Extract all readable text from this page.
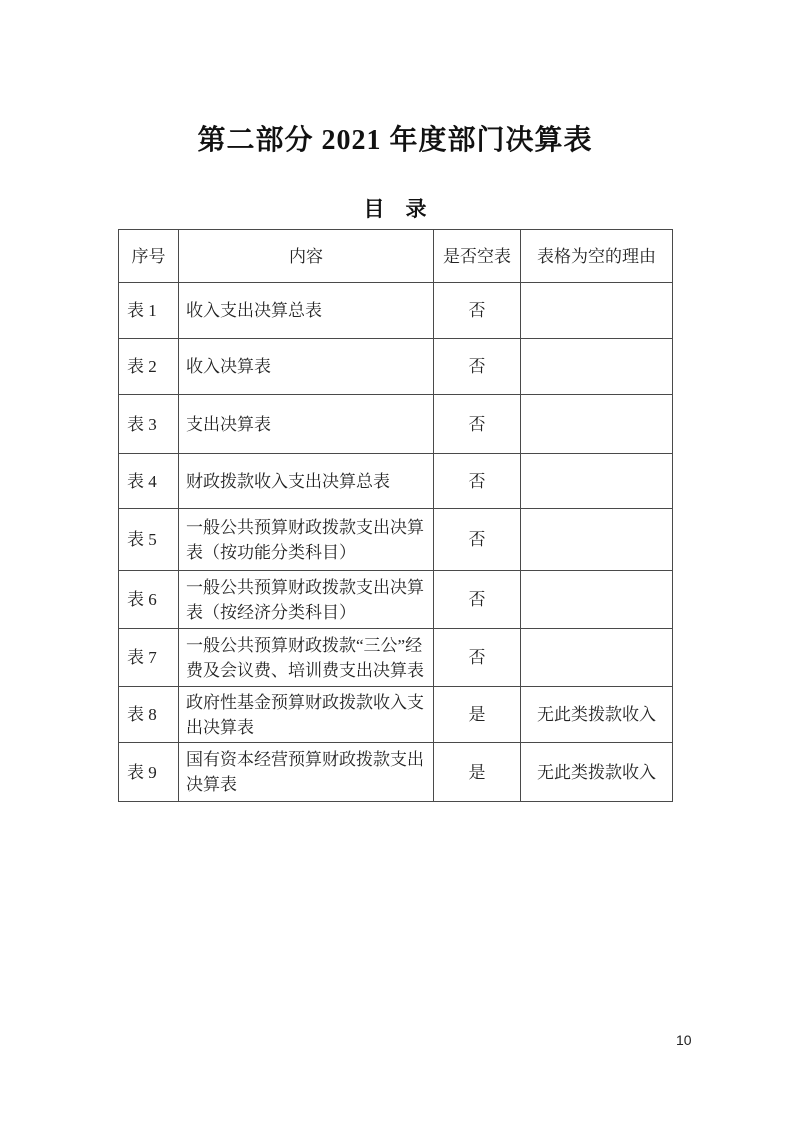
第二部分 2021 年度部门决算表
目　录
序号	内容	是否空表	表格为空的理由
表 1	收入支出决算总表	否	
表 2	收入决算表	否	
表 3	支出决算表	否	
表 4	财政拨款收入支出决算总表	否	
表 5	一般公共预算财政拨款支出决算表（按功能分类科目）	否	
表 6	一般公共预算财政拨款支出决算表（按经济分类科目）	否	
表 7	一般公共预算财政拨款“三公”经费及会议费、培训费支出决算表	否	
表 8	政府性基金预算财政拨款收入支出决算表	是	无此类拨款收入
表 9	国有资本经营预算财政拨款支出决算表	是	无此类拨款收入
10
